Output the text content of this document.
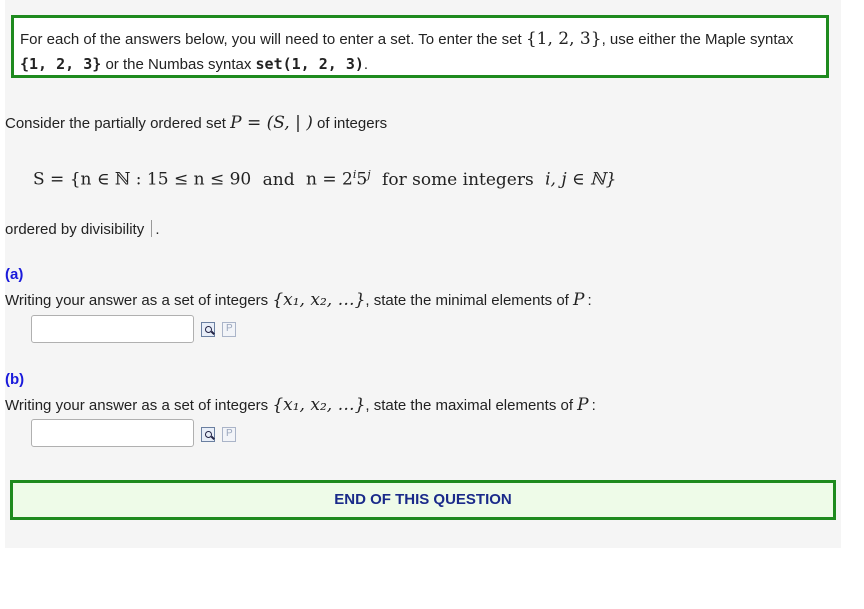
For each of the answers below, you will need to enter a set. To enter the set {1, 2, 3}, use either the Maple syntax
{1, 2, 3} or the Numbas syntax set(1, 2, 3).
Consider the partially ordered set P = (S, | ) of integers
S = {n ∈ ℕ : 15 ≤ n ≤ 90 and $n = 2^i5^j$ for some integers i, j ∈ ℕ}
ordered by divisibility .
(a)
Writing your answer as a set of integers {x₁, x₂, …}, state the minimal elements of P :
P
(b)
Writing your answer as a set of integers {x₁, x₂, …}, state the maximal elements of P :
P
END OF THIS QUESTION
